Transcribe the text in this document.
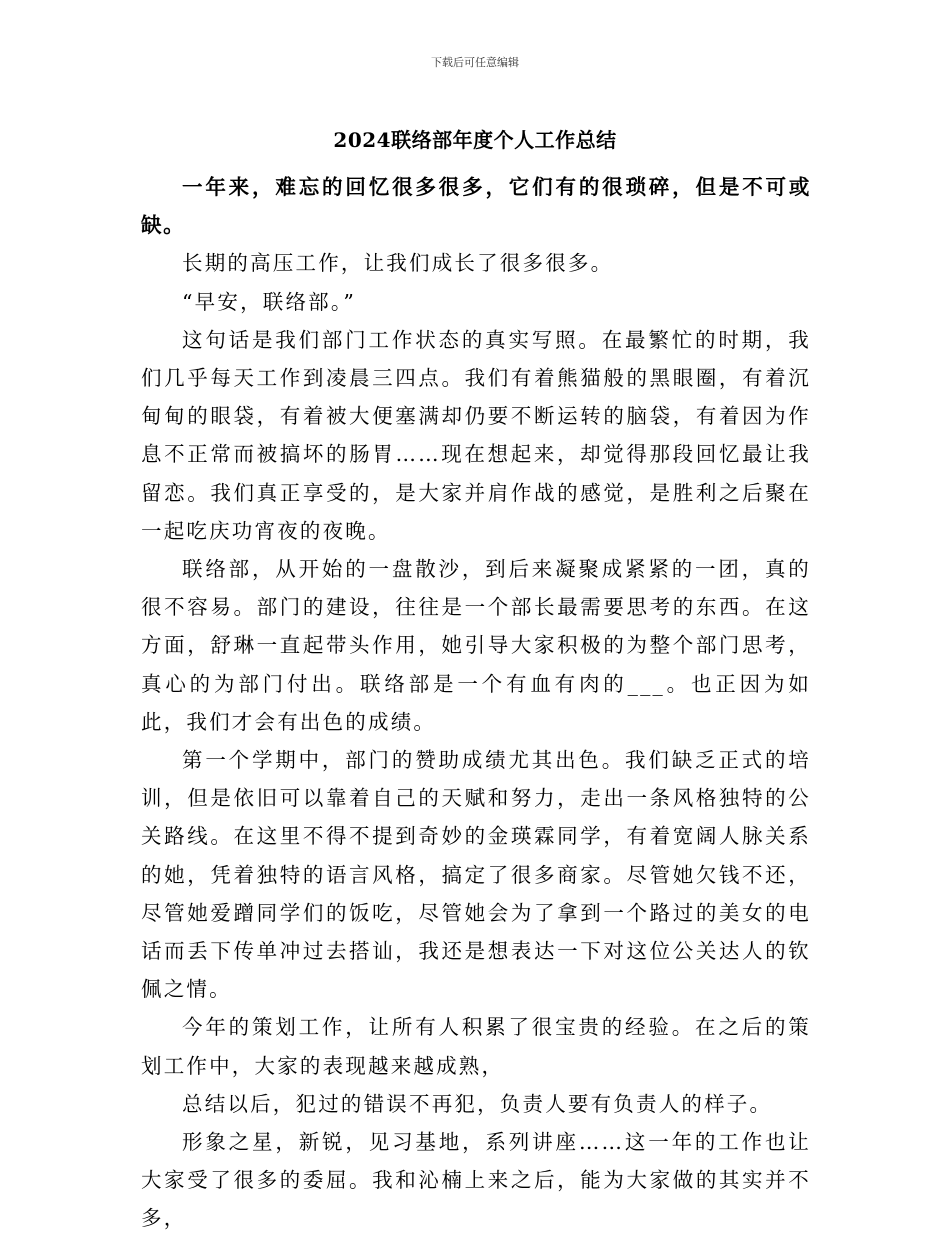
下载后可任意编辑
2024联络部年度个人工作总结

一年来，难忘的回忆很多很多，它们有的很琐碎，但是不可或缺。

长期的高压工作，让我们成长了很多很多。

“早安，联络部。”

这句话是我们部门工作状态的真实写照。在最繁忙的时期，我们几乎每天工作到凌晨三四点。我们有着熊猫般的黑眼圈，有着沉甸甸的眼袋，有着被大便塞满却仍要不断运转的脑袋，有着因为作息不正常而被搞坏的肠胃……现在想起来，却觉得那段回忆最让我留恋。我们真正享受的，是大家并肩作战的感觉，是胜利之后聚在一起吃庆功宵夜的夜晚。

联络部，从开始的一盘散沙，到后来凝聚成紧紧的一团，真的很不容易。部门的建设，往往是一个部长最需要思考的东西。在这方面，舒琳一直起带头作用，她引导大家积极的为整个部门思考，真心的为部门付出。联络部是一个有血有肉的___。也正因为如此，我们才会有出色的成绩。

第一个学期中，部门的赞助成绩尤其出色。我们缺乏正式的培训，但是依旧可以靠着自己的天赋和努力，走出一条风格独特的公关路线。在这里不得不提到奇妙的金瑛霖同学，有着宽阔人脉关系的她，凭着独特的语言风格，搞定了很多商家。尽管她欠钱不还，尽管她爱蹭同学们的饭吃，尽管她会为了拿到一个路过的美女的电话而丢下传单冲过去搭讪，我还是想表达一下对这位公关达人的钦佩之情。

今年的策划工作，让所有人积累了很宝贵的经验。在之后的策划工作中，大家的表现越来越成熟，

总结以后，犯过的错误不再犯，负责人要有负责人的样子。

形象之星，新锐，见习基地，系列讲座……这一年的工作也让大家受了很多的委屈。我和沁楠上来之后，能为大家做的其实并不多，
